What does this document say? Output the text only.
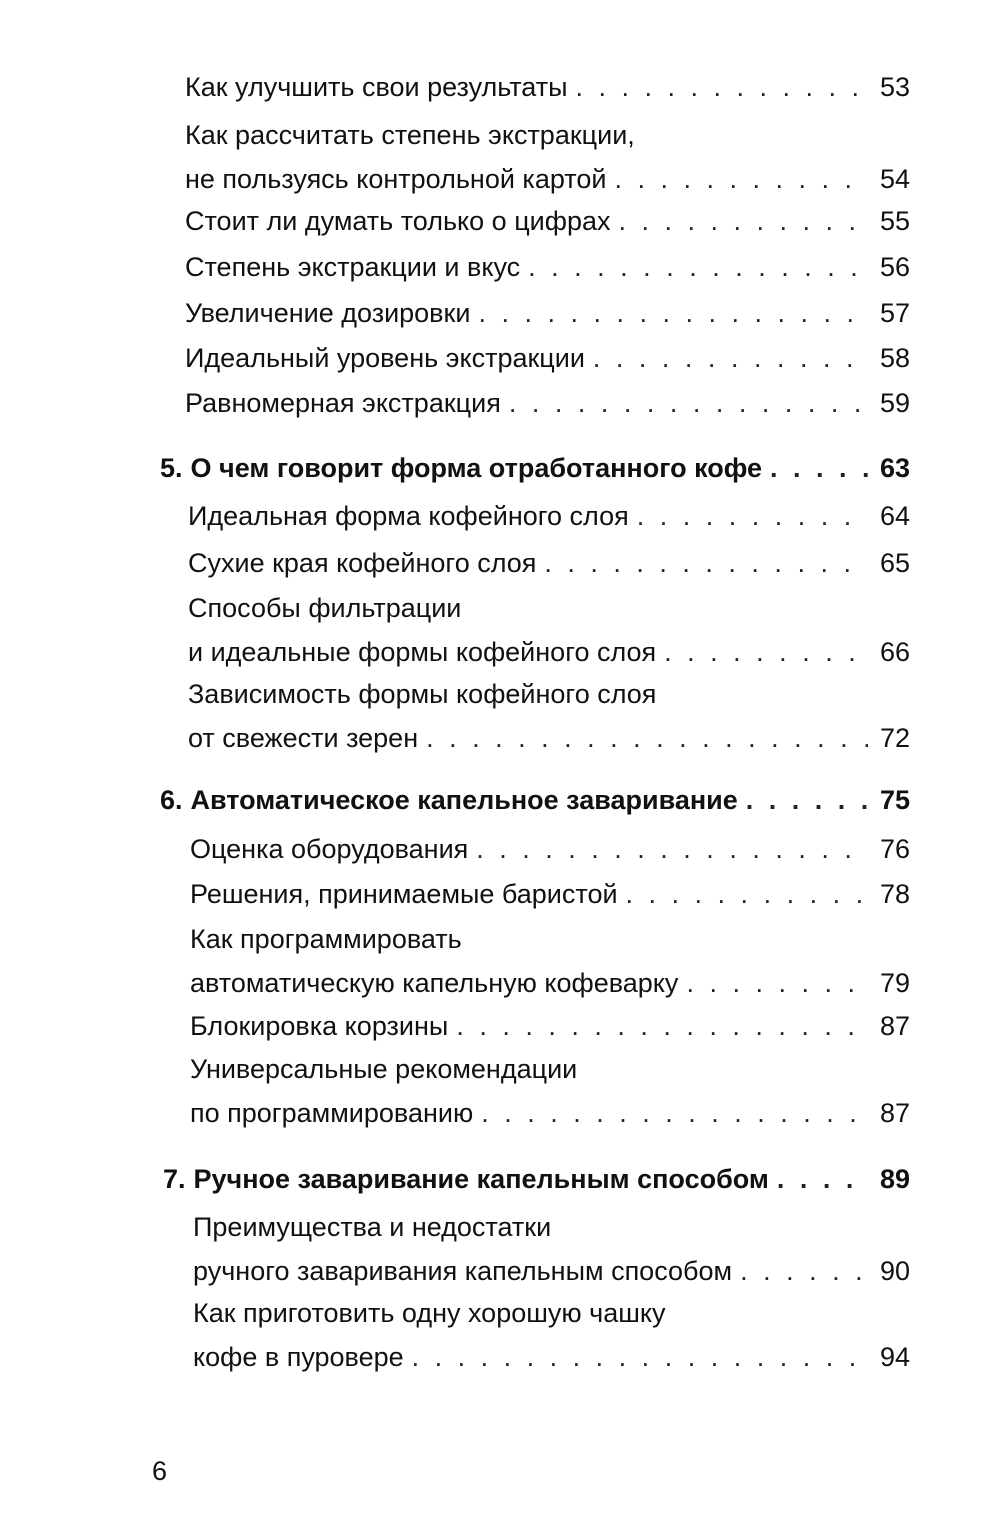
Как улучшить свои результаты . . .	53
Как рассчитать степень экстракции,
не пользуясь контрольной картой . . .	54
Стоит ли думать только о цифрах . . .	55
Степень экстракции и вкус . . .	56
Увеличение дозировки . . .	57
Идеальный уровень экстракции . . .	58
Равномерная экстракция . . .	59
5. О чем говорит форма отработанного кофе . . .	63
Идеальная форма кофейного слоя . . .	64
Сухие края кофейного слоя . . .	65
Способы фильтрации
и идеальные формы кофейного слоя . . .	66
Зависимость формы кофейного слоя
от свежести зерен . . .	72
6. Автоматическое капельное заваривание . . .	75
Оценка оборудования . . .	76
Решения, принимаемые баристой . . .	78
Как программировать
автоматическую капельную кофеварку . . .	79
Блокировка корзины . . .	87
Универсальные рекомендации
по программированию . . .	87
7. Ручное заваривание капельным способом . . .	89
Преимущества и недостатки
ручного заваривания капельным способом . . .	90
Как приготовить одну хорошую чашку
кофе в пуровере . . .	94
6
